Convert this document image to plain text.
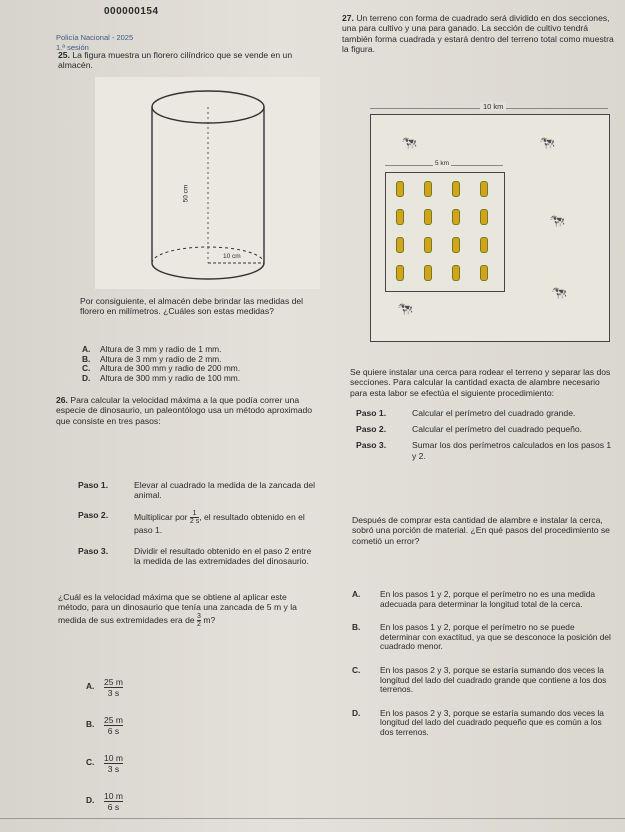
000000154
Policía Nacional - 2025
1.ª sesión
25. La figura muestra un florero cilíndrico que se vende en un almacén.
50 cm
10 cm
Por consiguiente, el almacén debe brindar las medidas del florero en milímetros. ¿Cuáles son estas medidas?
A.	Altura de 3 mm y radio de 1 mm.
B.	Altura de 3 mm y radio de 2 mm.
C.	Altura de 300 mm y radio de 200 mm.
D.	Altura de 300 mm y radio de 100 mm.
26. Para calcular la velocidad máxima a la que podía correr una especie de dinosaurio, un paleontólogo usa un método aproximado que consiste en tres pasos:
Paso 1.	Elevar al cuadrado la medida de la zancada del animal.
Paso 2.	Multiplicar por $\frac{1}{2 s}$ , el resultado obtenido en el paso 1.
Paso 3.	Dividir el resultado obtenido en el paso 2 entre la medida de las extremidades del dinosaurio.
¿Cuál es la velocidad máxima que se obtiene al aplicar este método, para un dinosaurio que tenía una zancada de 5 m y la medida de sus extremidades era de $\frac{3}{2} m$?
A.	$\frac{25 m}{3 s}$
B.	$\frac{25 m}{6 s}$
C.	$\frac{10 m}{3 s}$
D.	$\frac{10 m}{6 s}$
27. Un terreno con forma de cuadrado será dividido en dos secciones, una para cultivo y una para ganado. La sección de cultivo tendrá también forma cuadrada y estará dentro del terreno total como muestra la figura.
10 km
5 km
🐄	🐄
🐄
🐄
🐄
Se quiere instalar una cerca para rodear el terreno y separar las dos secciones. Para calcular la cantidad exacta de alambre necesario para esta labor se efectúa el siguiente procedimiento:
Paso 1.	Calcular el perímetro del cuadrado grande.
Paso 2.	Calcular el perímetro del cuadrado pequeño.
Paso 3.	Sumar los dos perímetros calculados en los pasos 1 y 2.
Después de comprar esta cantidad de alambre e instalar la cerca, sobró una porción de material. ¿En qué pasos del procedimiento se cometió un error?
A.	En los pasos 1 y 2, porque el perímetro no es una medida adecuada para determinar la longitud total de la cerca.
B.	En los pasos 1 y 2, porque el perímetro no se puede determinar con exactitud, ya que se desconoce la posición del cuadrado menor.
C.	En los pasos 2 y 3, porque se estaría sumando dos veces la longitud del lado del cuadrado grande que contiene a los dos terrenos.
D.	En los pasos 2 y 3, porque se estaría sumando dos veces la longitud del lado del cuadrado pequeño que es común a los dos terrenos.
